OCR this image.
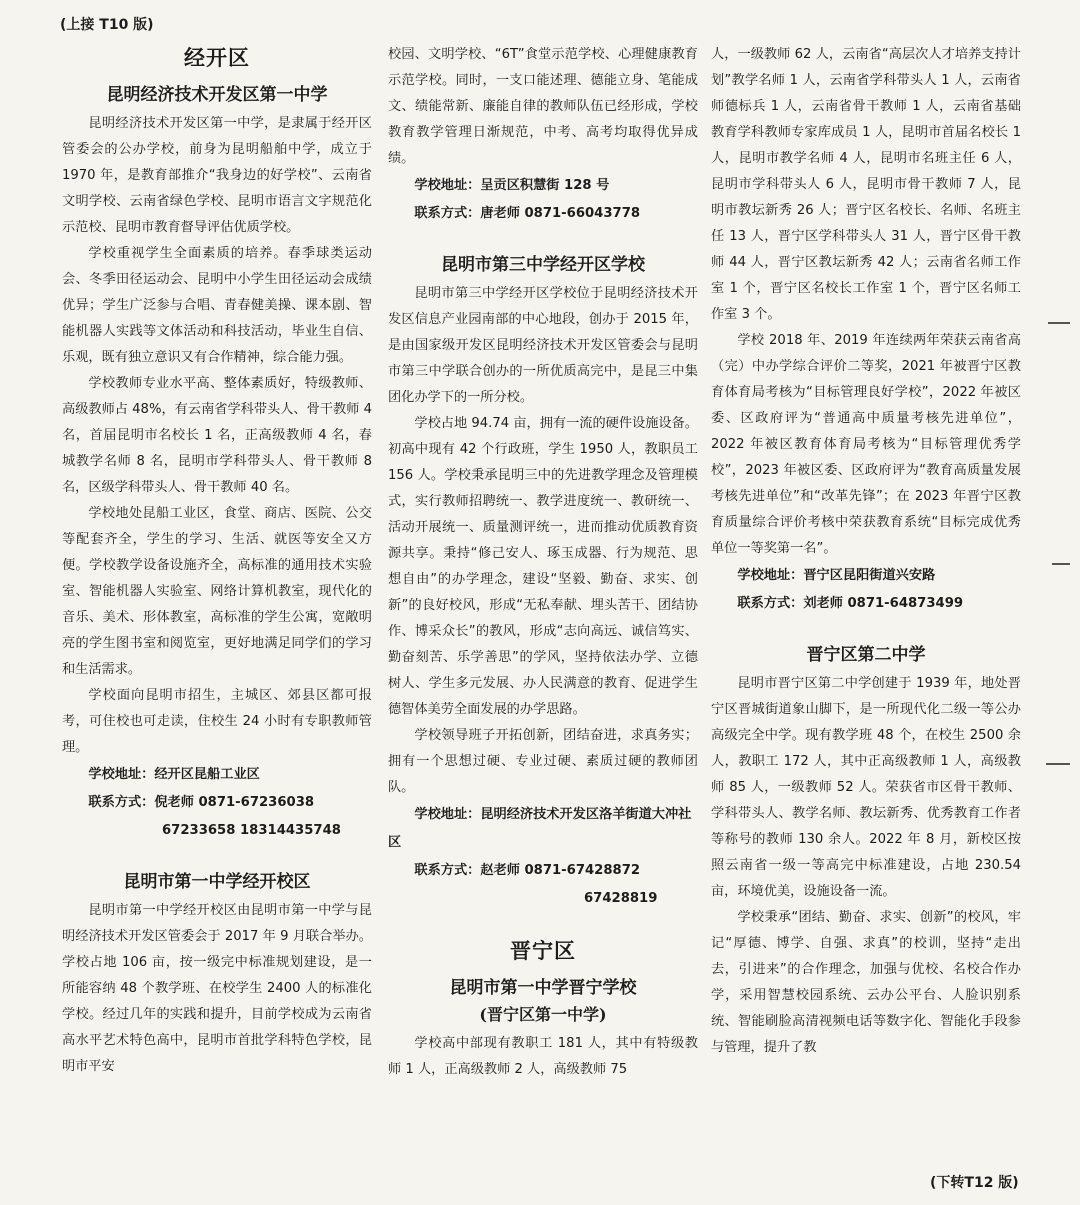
(上接 T10 版)
经开区
昆明经济技术开发区第一中学

昆明经济技术开发区第一中学，是隶属于经开区管委会的公办学校，前身为昆明船舶中学，成立于 1970 年，是教育部推介“我身边的好学校”、云南省文明学校、云南省绿色学校、昆明市语言文字规范化示范校、昆明市教育督导评估优质学校。

学校重视学生全面素质的培养。春季球类运动会、冬季田径运动会、昆明中小学生田径运动会成绩优异；学生广泛参与合唱、青春健美操、课本剧、智能机器人实践等文体活动和科技活动，毕业生自信、乐观，既有独立意识又有合作精神，综合能力强。

学校教师专业水平高、整体素质好，特级教师、高级教师占 48%，有云南省学科带头人、骨干教师 4 名，首届昆明市名校长 1 名，正高级教师 4 名，春城教学名师 8 名，昆明市学科带头人、骨干教师 8 名，区级学科带头人、骨干教师 40 名。

学校地处昆船工业区，食堂、商店、医院、公交等配套齐全，学生的学习、生活、就医等安全又方便。学校教学设备设施齐全，高标准的通用技术实验室、智能机器人实验室、网络计算机教室，现代化的音乐、美术、形体教室，高标准的学生公寓，宽敞明亮的学生图书室和阅览室，更好地满足同学们的学习和生活需求。

学校面向昆明市招生，主城区、郊县区都可报考，可住校也可走读，住校生 24 小时有专职教师管理。

学校地址：经开区昆船工业区
联系方式：倪老师 0871-67236038
67233658 18314435748
昆明市第一中学经开校区

昆明市第一中学经开校区由昆明市第一中学与昆明经济技术开发区管委会于 2017 年 9 月联合举办。学校占地 106 亩，按一级完中标准规划建设，是一所能容纳 48 个教学班、在校学生 2400 人的标准化学校。经过几年的实践和提升，目前学校成为云南省高水平艺术特色高中，昆明市首批学科特色学校，昆明市平安

校园、文明学校、“6T”食堂示范学校、心理健康教育示范学校。同时，一支口能述理、德能立身、笔能成文、绩能常新、廉能自律的教师队伍已经形成，学校教育教学管理日渐规范，中考、高考均取得优异成绩。

学校地址：呈贡区积慧街 128 号
联系方式：唐老师 0871-66043778
昆明市第三中学经开区学校

昆明市第三中学经开区学校位于昆明经济技术开发区信息产业园南部的中心地段，创办于 2015 年，是由国家级开发区昆明经济技术开发区管委会与昆明市第三中学联合创办的一所优质高完中，是昆三中集团化办学下的一所分校。

学校占地 94.74 亩，拥有一流的硬件设施设备。初高中现有 42 个行政班，学生 1950 人，教职员工 156 人。学校秉承昆明三中的先进教学理念及管理模式，实行教师招聘统一、教学进度统一、教研统一、活动开展统一、质量测评统一，进而推动优质教育资源共享。秉持“修己安人、琢玉成器、行为规范、思想自由”的办学理念，建设“坚毅、勤奋、求实、创新”的良好校风，形成“无私奉献、埋头苦干、团结协作、博采众长”的教风，形成“志向高远、诚信笃实、勤奋刻苦、乐学善思”的学风，坚持依法办学、立德树人、学生多元发展、办人民满意的教育、促进学生德智体美劳全面发展的办学思路。

学校领导班子开拓创新，团结奋进，求真务实；拥有一个思想过硬、专业过硬、素质过硬的教师团队。

学校地址：昆明经济技术开发区洛羊街道大冲社区
联系方式：赵老师 0871-67428872
67428819
晋宁区
昆明市第一中学晋宁学校
(晋宁区第一中学)

学校高中部现有教职工 181 人，其中有特级教师 1 人，正高级教师 2 人，高级教师 75

人，一级教师 62 人，云南省“高层次人才培养支持计划”教学名师 1 人，云南省学科带头人 1 人，云南省师德标兵 1 人，云南省骨干教师 1 人，云南省基础教育学科教师专家库成员 1 人，昆明市首届名校长 1 人，昆明市教学名师 4 人，昆明市名班主任 6 人，昆明市学科带头人 6 人，昆明市骨干教师 7 人，昆明市教坛新秀 26 人；晋宁区名校长、名师、名班主任 13 人，晋宁区学科带头人 31 人，晋宁区骨干教师 44 人，晋宁区教坛新秀 42 人；云南省名师工作室 1 个，晋宁区名校长工作室 1 个，晋宁区名师工作室 3 个。

学校 2018 年、2019 年连续两年荣获云南省高（完）中办学综合评价二等奖，2021 年被晋宁区教育体育局考核为“目标管理良好学校”，2022 年被区委、区政府评为“普通高中质量考核先进单位”，2022 年被区教育体育局考核为“目标管理优秀学校”，2023 年被区委、区政府评为“教育高质量发展考核先进单位”和“改革先锋”；在 2023 年晋宁区教育质量综合评价考核中荣获教育系统“目标完成优秀单位一等奖第一名”。

学校地址：晋宁区昆阳街道兴安路
联系方式：刘老师 0871-64873499
晋宁区第二中学

昆明市晋宁区第二中学创建于 1939 年，地处晋宁区晋城街道象山脚下，是一所现代化二级一等公办高级完全中学。现有教学班 48 个，在校生 2500 余人，教职工 172 人，其中正高级教师 1 人，高级教师 85 人，一级教师 52 人。荣获省市区骨干教师、学科带头人、教学名师、教坛新秀、优秀教育工作者等称号的教师 130 余人。2022 年 8 月，新校区按照云南省一级一等高完中标准建设，占地 230.54 亩，环境优美，设施设备一流。

学校秉承“团结、勤奋、求实、创新”的校风，牢记“厚德、博学、自强、求真”的校训，坚持“走出去，引进来”的合作理念，加强与优校、名校合作办学，采用智慧校园系统、云办公平台、人脸识别系统、智能刷脸高清视频电话等数字化、智能化手段参与管理，提升了教

(下转T12 版)
